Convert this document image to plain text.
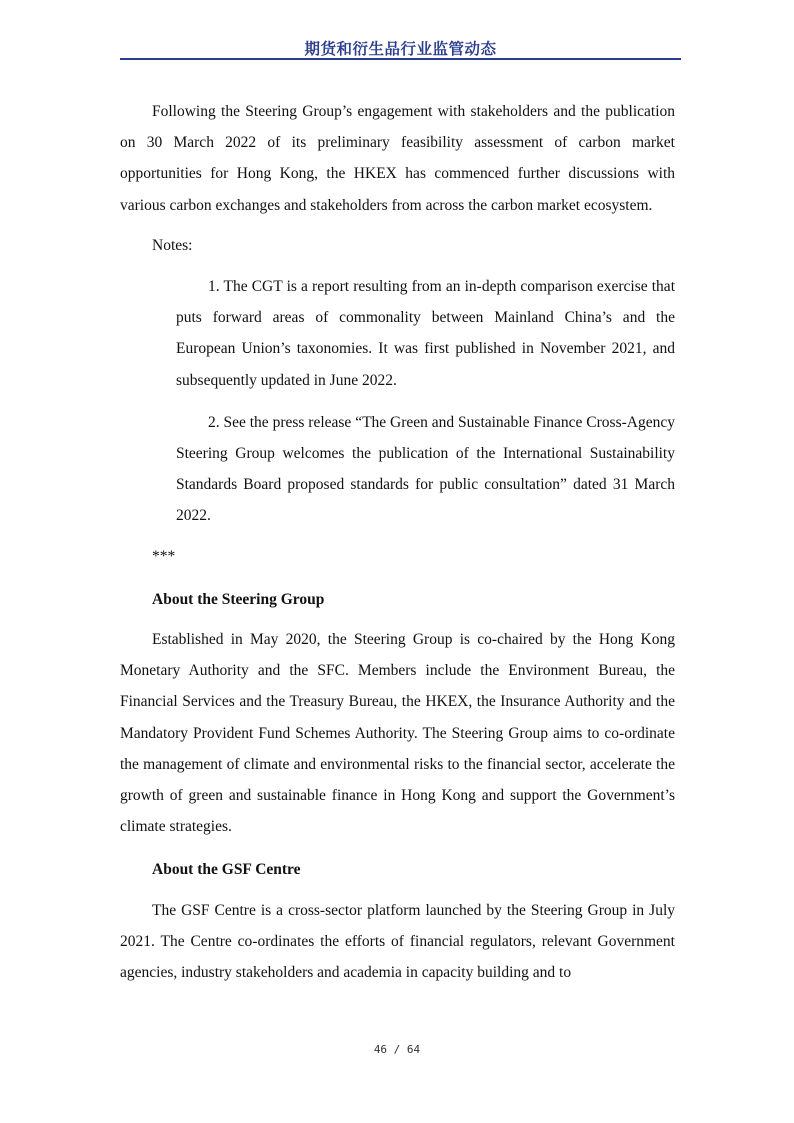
期货和衍生品行业监管动态

Following the Steering Group’s engagement with stakeholders and the publication on 30 March 2022 of its preliminary feasibility assessment of carbon market opportunities for Hong Kong, the HKEX has commenced further discussions with various carbon exchanges and stakeholders from across the carbon market ecosystem.

Notes:

1. The CGT is a report resulting from an in-depth comparison exercise that puts forward areas of commonality between Mainland China’s and the European Union’s taxonomies. It was first published in November 2021, and subsequently updated in June 2022.

2. See the press release “The Green and Sustainable Finance Cross-Agency Steering Group welcomes the publication of the International Sustainability Standards Board proposed standards for public consultation” dated 31 March 2022.

***

About the Steering Group

Established in May 2020, the Steering Group is co-chaired by the Hong Kong Monetary Authority and the SFC. Members include the Environment Bureau, the Financial Services and the Treasury Bureau, the HKEX, the Insurance Authority and the Mandatory Provident Fund Schemes Authority. The Steering Group aims to co-ordinate the management of climate and environmental risks to the financial sector, accelerate the growth of green and sustainable finance in Hong Kong and support the Government’s climate strategies.

About the GSF Centre

The GSF Centre is a cross-sector platform launched by the Steering Group in July 2021. The Centre co-ordinates the efforts of financial regulators, relevant Government agencies, industry stakeholders and academia in capacity building and to

46 / 64
